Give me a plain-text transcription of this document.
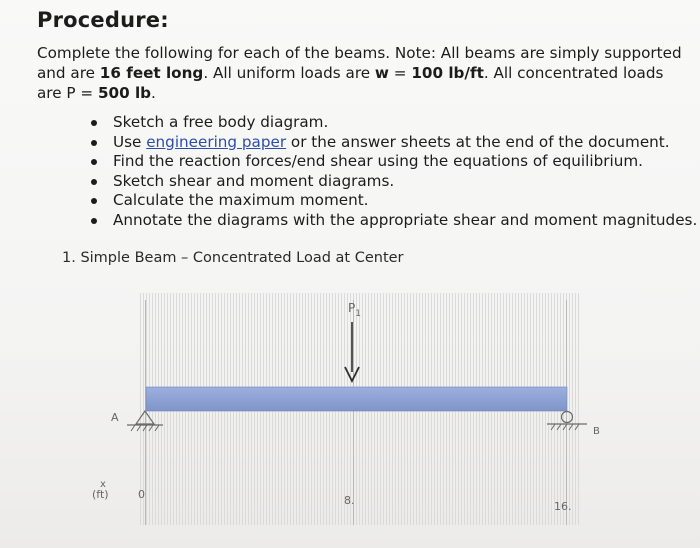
Procedure:
Complete the following for each of the beams. Note: All beams are simply supported and are 16 feet long. All uniform loads are w = 100 lb/ft. All concentrated loads are P = 500 lb.
Sketch a free body diagram.
Use engineering paper or the answer sheets at the end of the document.
Find the reaction forces/end shear using the equations of equilibrium.
Sketch shear and moment diagrams.
Calculate the maximum moment.
Annotate the diagrams with the appropriate shear and moment magnitudes.
1. Simple Beam – Concentrated Load at Center
$P_1$
A
B
x
(ft)	0	8.	16.
